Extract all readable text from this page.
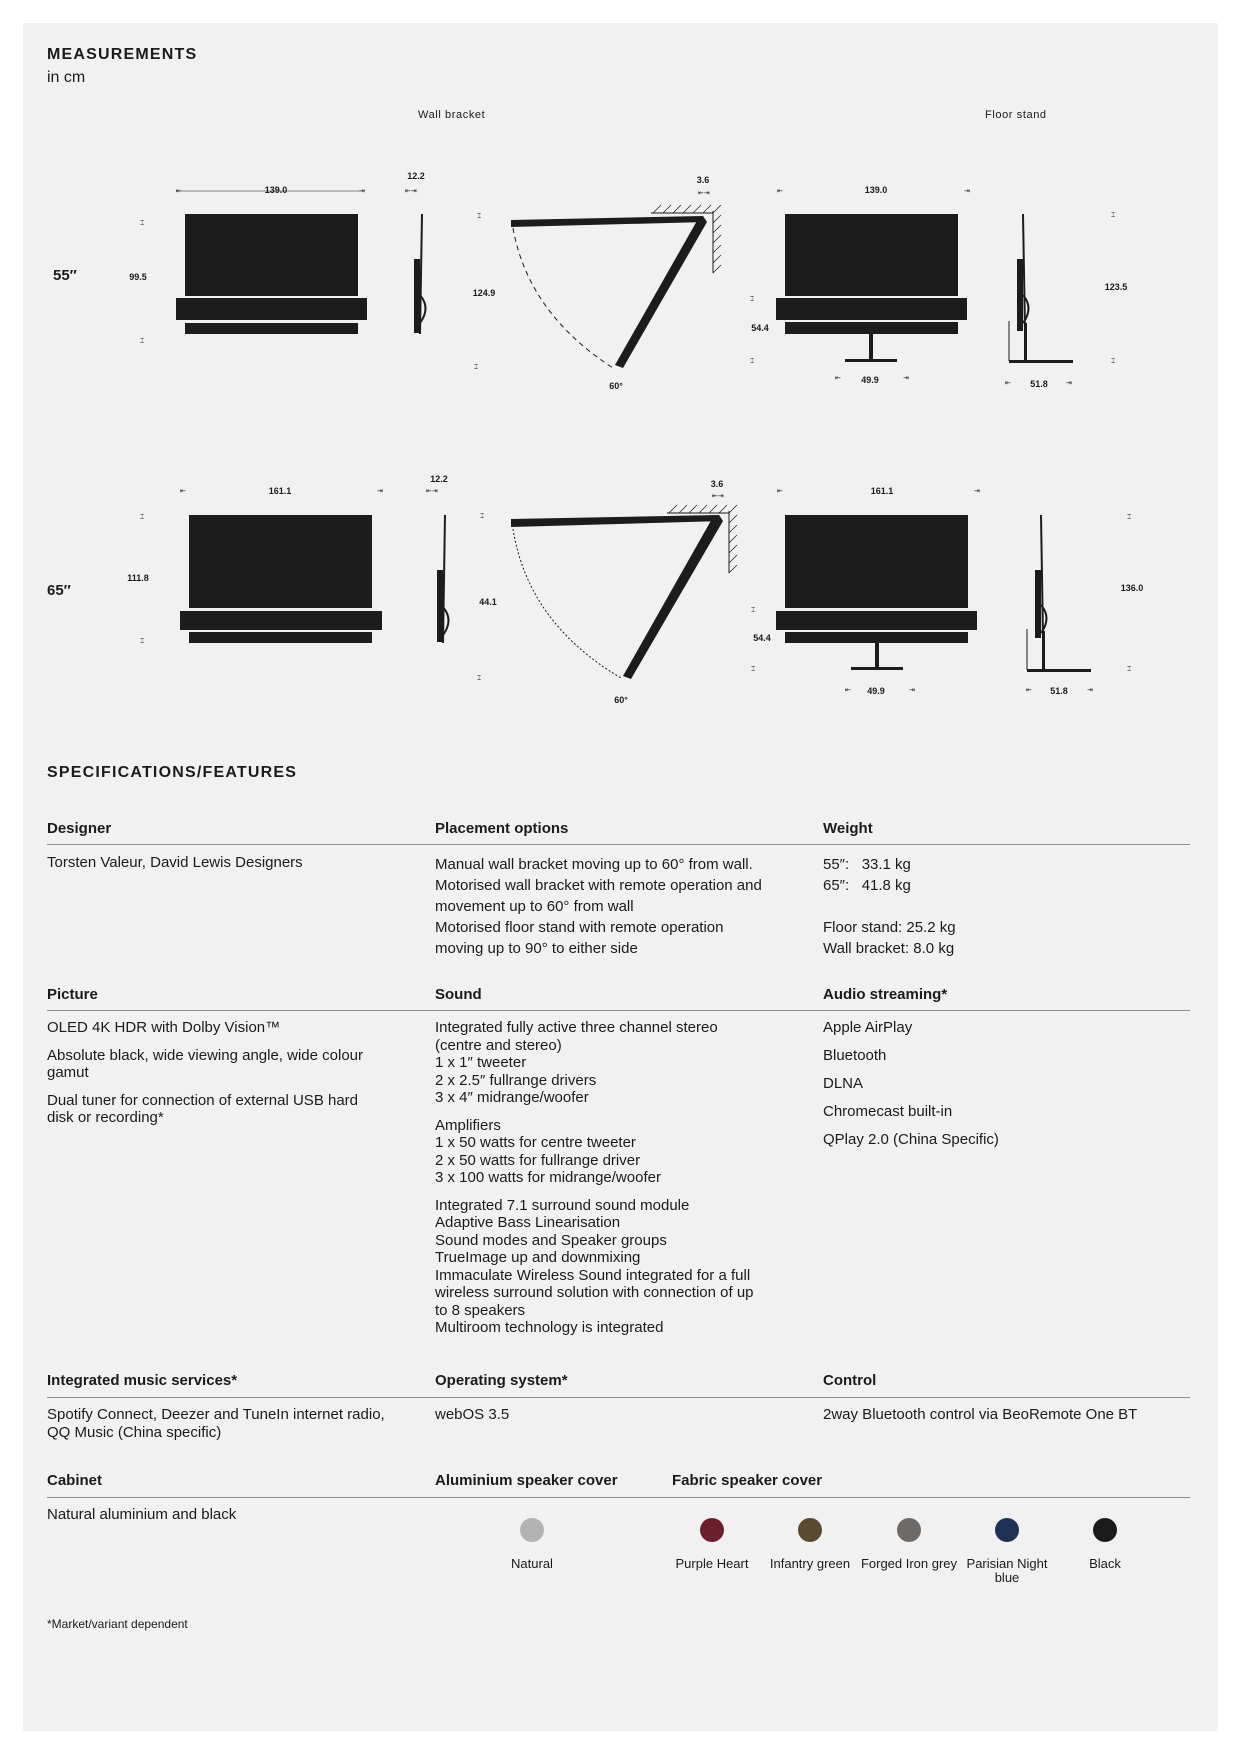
MEASUREMENTS
in cm
Wall bracket	Floor stand
55″
⇤	⇥
⌶
⌶
139.0
99.5
⇤⇥
12.2
⌶
⌶
⇤⇥
3.6
124.9
60°
⇤	⇥
⌶
⌶
⇤	⇥
139.0
54.4
49.9
⌶
⌶
⇤	⇥
123.5
51.8
65″
⇤	⇥
⌶
⌶
161.1
111.8
⇤⇥
12.2
⌶
⌶
⇤⇥
3.6
44.1
60°
⇤	⇥
⌶
⌶
⇤	⇥
161.1
54.4
49.9
⌶
⌶
⇤	⇥
136.0
51.8
SPECIFICATIONS/FEATURES
Designer	Placement options	Weight
Torsten Valeur, David Lewis Designers	Manual wall bracket moving up to 60° from wall.
Motorised wall bracket with remote operation and
movement up to 60° from wall
Motorised floor stand with remote operation
moving up to 90° to either side
55″: 33.1 kg
65″: 41.8 kg
Floor stand: 25.2 kg
Wall bracket: 8.0 kg
Picture	Sound	Audio streaming*
OLED 4K HDR with Dolby Vision™
Absolute black, wide viewing angle, wide colour
gamut
Dual tuner for connection of external USB hard
disk or recording*
Integrated fully active three channel stereo
(centre and stereo)
1 x 1″ tweeter
2 x 2.5″ fullrange drivers
3 x 4″ midrange/woofer
Amplifiers
1 x 50 watts for centre tweeter
2 x 50 watts for fullrange driver
3 x 100 watts for midrange/woofer
Integrated 7.1 surround sound module
Adaptive Bass Linearisation
Sound modes and Speaker groups
TrueImage up and downmixing
Immaculate Wireless Sound integrated for a full
wireless surround solution with connection of up
to 8 speakers
Multiroom technology is integrated
Apple AirPlay
Bluetooth
DLNA
Chromecast built-in
QPlay 2.0 (China Specific)
Integrated music services*	Operating system*	Control
Spotify Connect, Deezer and TuneIn internet radio,
QQ Music (China specific)
webOS 3.5	2way Bluetooth control via BeoRemote One BT
Cabinet	Aluminium speaker cover	Fabric speaker cover
Natural aluminium and black
Natural	Purple Heart	Infantry green Forged Iron grey Parisian Night blue
Black
*Market/variant dependent
